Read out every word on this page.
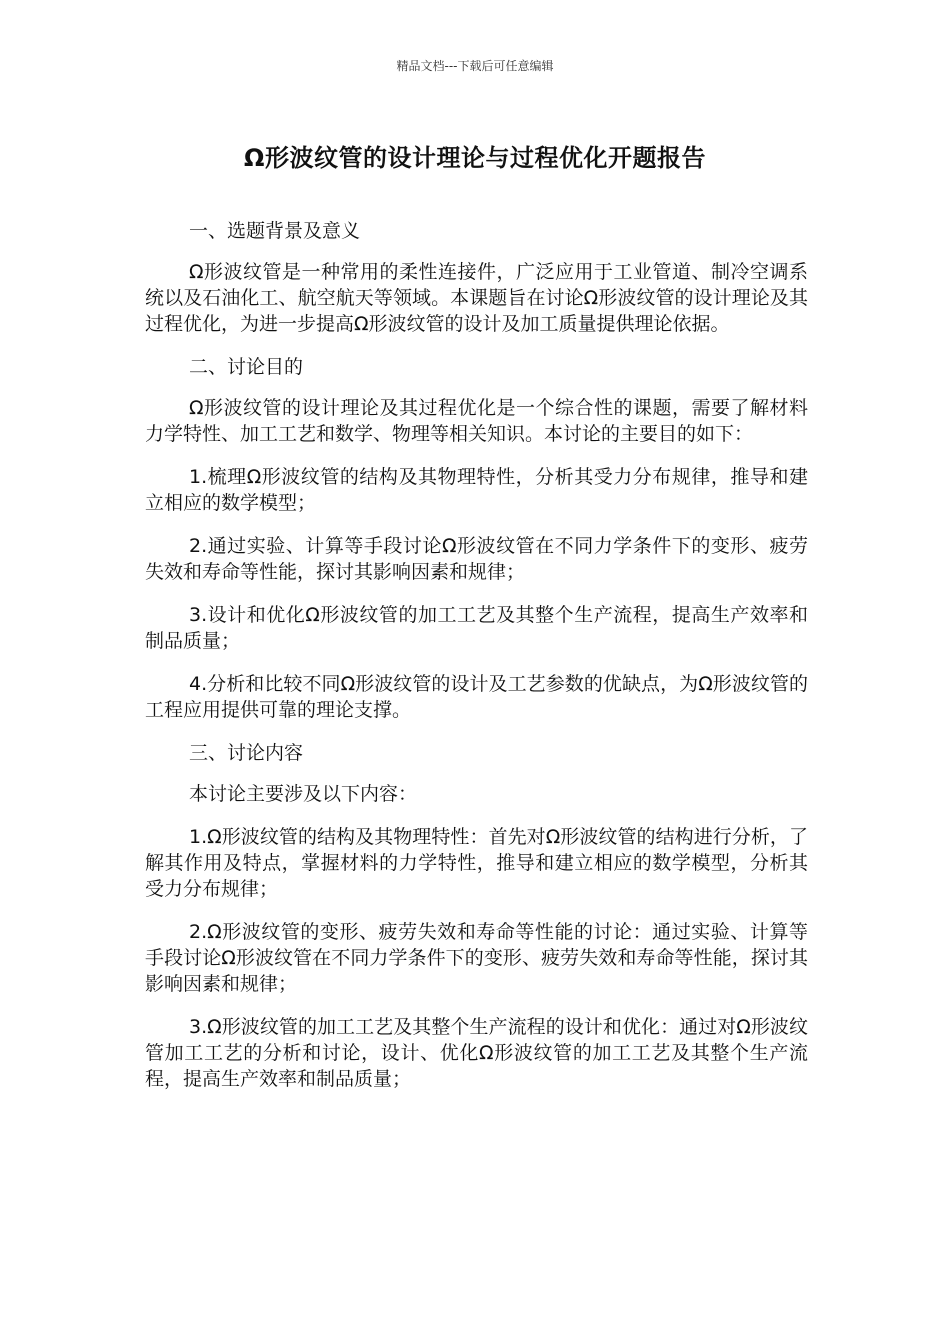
精品文档---下载后可任意编辑
Ω形波纹管的设计理论与过程优化开题报告
一、选题背景及意义
Ω形波纹管是一种常用的柔性连接件，广泛应用于工业管道、制冷空调系统以及石油化工、航空航天等领域。本课题旨在讨论Ω形波纹管的设计理论及其过程优化，为进一步提高Ω形波纹管的设计及加工质量提供理论依据。
二、讨论目的
Ω形波纹管的设计理论及其过程优化是一个综合性的课题，需要了解材料力学特性、加工工艺和数学、物理等相关知识。本讨论的主要目的如下：
1.梳理Ω形波纹管的结构及其物理特性，分析其受力分布规律，推导和建立相应的数学模型；
2.通过实验、计算等手段讨论Ω形波纹管在不同力学条件下的变形、疲劳失效和寿命等性能，探讨其影响因素和规律；
3.设计和优化Ω形波纹管的加工工艺及其整个生产流程，提高生产效率和制品质量；
4.分析和比较不同Ω形波纹管的设计及工艺参数的优缺点，为Ω形波纹管的工程应用提供可靠的理论支撑。
三、讨论内容
本讨论主要涉及以下内容：
1.Ω形波纹管的结构及其物理特性：首先对Ω形波纹管的结构进行分析，了解其作用及特点，掌握材料的力学特性，推导和建立相应的数学模型，分析其受力分布规律；
2.Ω形波纹管的变形、疲劳失效和寿命等性能的讨论：通过实验、计算等手段讨论Ω形波纹管在不同力学条件下的变形、疲劳失效和寿命等性能，探讨其影响因素和规律；
3.Ω形波纹管的加工工艺及其整个生产流程的设计和优化：通过对Ω形波纹管加工工艺的分析和讨论，设计、优化Ω形波纹管的加工工艺及其整个生产流程，提高生产效率和制品质量；
